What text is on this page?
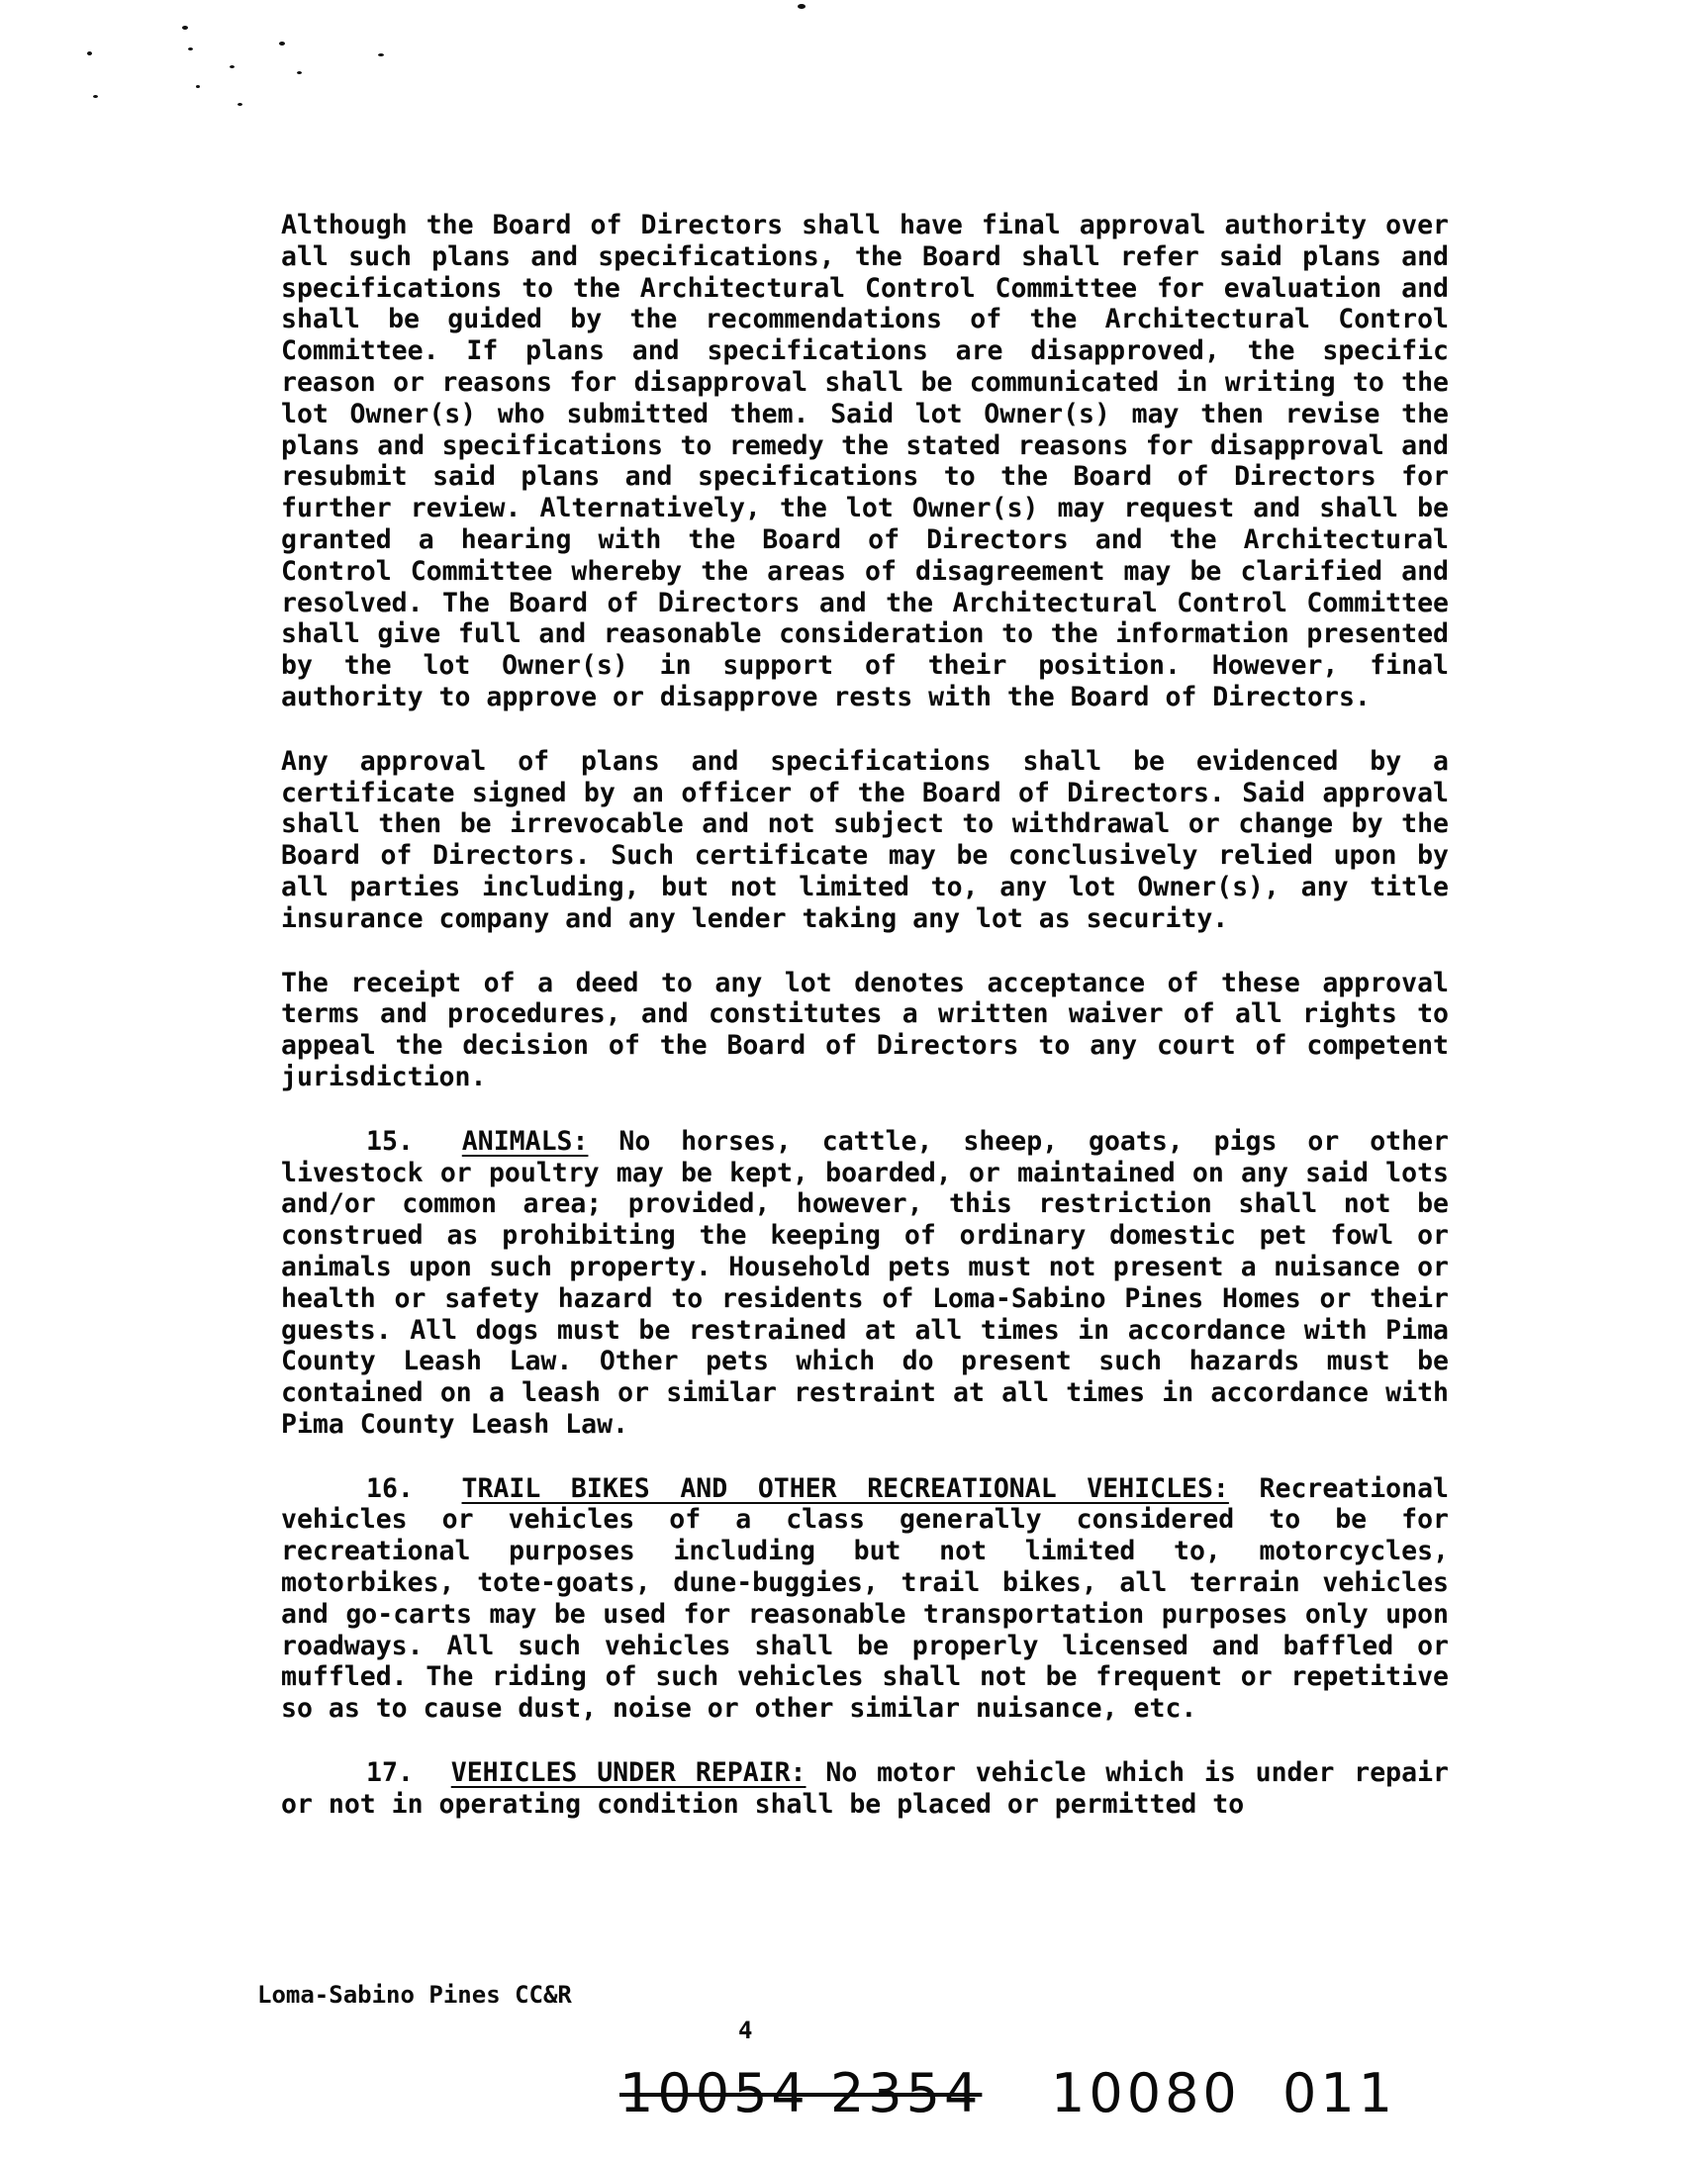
Although the Board of Directors shall have final approval authority over all such plans and specifications, the Board shall refer said plans and specifications to the Architectural Control Committee for evaluation and shall be guided by the recommendations of the Architectural Control Committee. If plans and specifications are disapproved, the specific reason or reasons for disapproval shall be communicated in writing to the lot Owner(s) who submitted them. Said lot Owner(s) may then revise the plans and specifications to remedy the stated reasons for disapproval and resubmit said plans and specifications to the Board of Directors for further review. Alternatively, the lot Owner(s) may request and shall be granted a hearing with the Board of Directors and the Architectural Control Committee whereby the areas of disagreement may be clarified and resolved. The Board of Directors and the Architectural Control Committee shall give full and reasonable consideration to the information presented by the lot Owner(s) in support of their position. However, final authority to approve or disapprove rests with the Board of Directors.

Any approval of plans and specifications shall be evidenced by a certificate signed by an officer of the Board of Directors. Said approval shall then be irrevocable and not subject to withdrawal or change by the Board of Directors. Such certificate may be conclusively relied upon by all parties including, but not limited to, any lot Owner(s), any title insurance company and any lender taking any lot as security.

The receipt of a deed to any lot denotes acceptance of these approval terms and procedures, and constitutes a written waiver of all rights to appeal the decision of the Board of Directors to any court of competent jurisdiction.

15. ANIMALS: No horses, cattle, sheep, goats, pigs or other livestock or poultry may be kept, boarded, or maintained on any said lots and/or common area; provided, however, this restriction shall not be construed as prohibiting the keeping of ordinary domestic pet fowl or animals upon such property. Household pets must not present a nuisance or health or safety hazard to residents of Loma-Sabino Pines Homes or their guests. All dogs must be restrained at all times in accordance with Pima County Leash Law. Other pets which do present such hazards must be contained on a leash or similar restraint at all times in accordance with Pima County Leash Law.

16. TRAIL BIKES AND OTHER RECREATIONAL VEHICLES: Recreational vehicles or vehicles of a class generally considered to be for recreational purposes including but not limited to, motorcycles, motorbikes, tote-goats, dune-buggies, trail bikes, all terrain vehicles and go-carts may be used for reasonable transportation purposes only upon roadways. All such vehicles shall be properly licensed and baffled or muffled. The riding of such vehicles shall not be frequent or repetitive so as to cause dust, noise or other similar nuisance, etc.

17. VEHICLES UNDER REPAIR: No motor vehicle which is under repair or not in operating condition shall be placed or permitted to

Loma-Sabino Pines CC&R
4
10054 2354 10080 011
